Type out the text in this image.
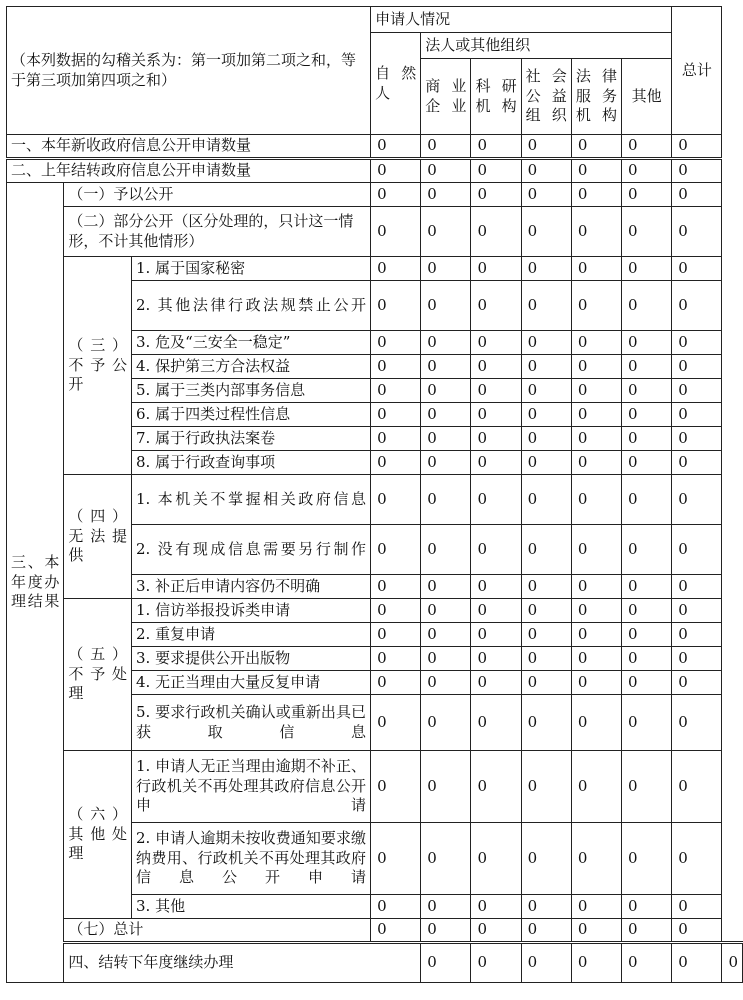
（本列数据的勾稽关系为：第一项加第二项之和，等于第三项加第四项之和）			申请人情况						总计	
			自然人	法人或其他组织						
				商业企业	科研机构	社会公益组织	法律服务机构	其他		
一、本年新收政府信息公开申请数量			0	0	0	0	0	0	0	
二、上年结转政府信息公开申请数量			0	0	0	0	0	0	0	
三、本年度办理结果	（一）予以公开		0	0	0	0	0	0	0	
	（二）部分公开（区分处理的，只计这一情形，不计其他情形）		0	0	0	0	0	0	0	
	（三）不予公开	1. 属于国家秘密	0	0	0	0	0	0	0	
		2. 其他法律行政法规禁止公开	0	0	0	0	0	0	0	
		3. 危及“三安全一稳定”	0	0	0	0	0	0	0	
		4. 保护第三方合法权益	0	0	0	0	0	0	0	
		5. 属于三类内部事务信息	0	0	0	0	0	0	0	
		6. 属于四类过程性信息	0	0	0	0	0	0	0	
		7. 属于行政执法案卷	0	0	0	0	0	0	0	
		8. 属于行政查询事项	0	0	0	0	0	0	0	
	（四）无法提供	1. 本机关不掌握相关政府信息	0	0	0	0	0	0	0	
		2. 没有现成信息需要另行制作	0	0	0	0	0	0	0	
		3. 补正后申请内容仍不明确	0	0	0	0	0	0	0	
	（五）不予处理	1. 信访举报投诉类申请	0	0	0	0	0	0	0	
		2. 重复申请	0	0	0	0	0	0	0	
		3. 要求提供公开出版物	0	0	0	0	0	0	0	
		4. 无正当理由大量反复申请	0	0	0	0	0	0	0	
		5. 要求行政机关确认或重新出具已获取信息	0	0	0	0	0	0	0	
	（六）其他处理	1. 申请人无正当理由逾期不补正、行政机关不再处理其政府信息公开申请	0	0	0	0	0	0	0	
		2. 申请人逾期未按收费通知要求缴纳费用、行政机关不再处理其政府信息公开申请	0	0	0	0	0	0	0	
		3. 其他	0	0	0	0	0	0	0	
	（七）总计		0	0	0	0	0	0	0	
	四、结转下年度继续办理			0	0	0	0	0	0	0
